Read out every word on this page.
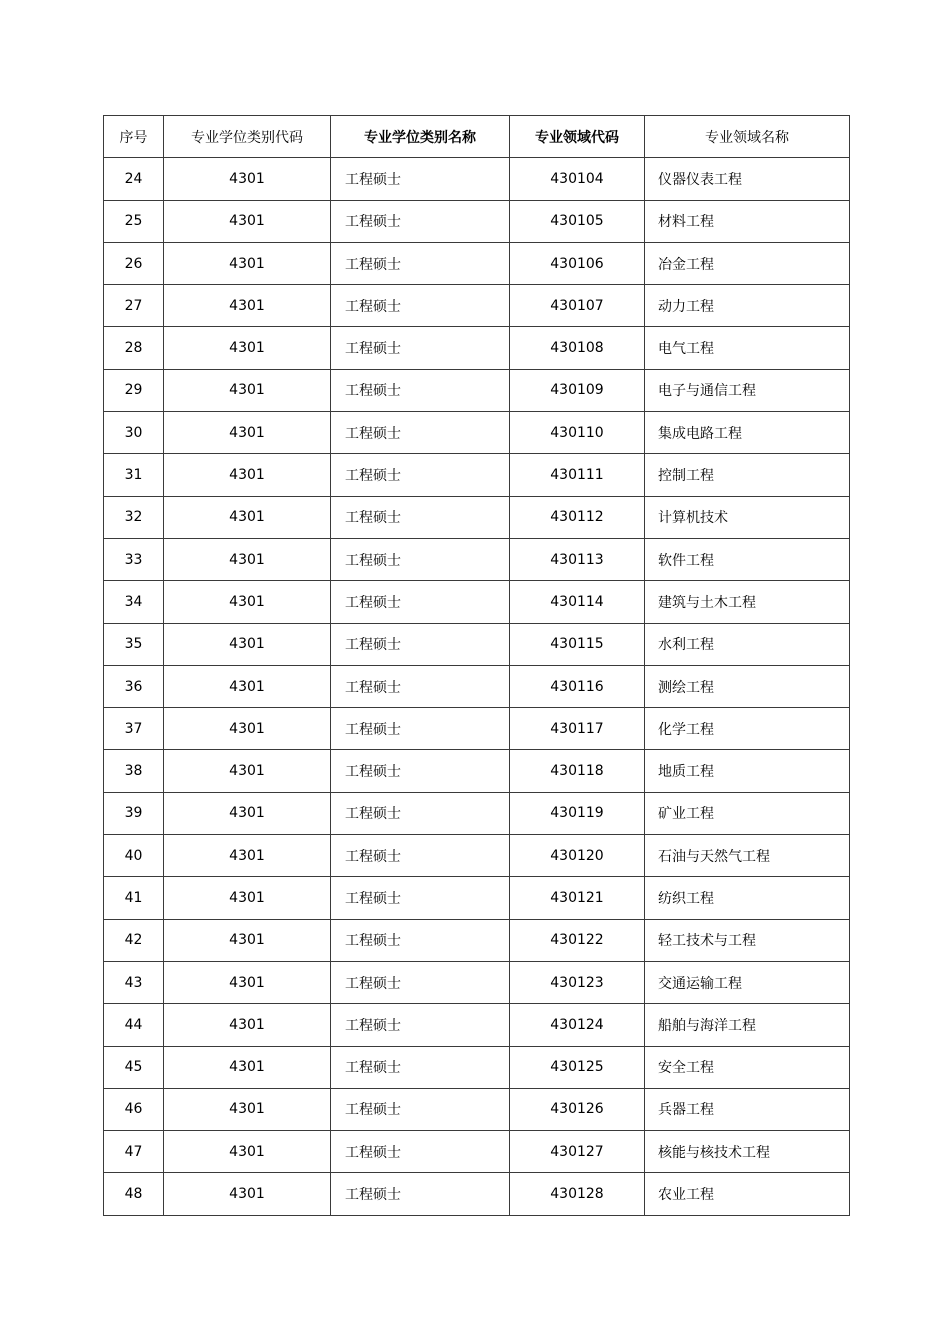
序号	专业学位类别代码	专业学位类别名称	专业领域代码	专业领域名称
24	4301	工程硕士	430104	仪器仪表工程
25	4301	工程硕士	430105	材料工程
26	4301	工程硕士	430106	冶金工程
27	4301	工程硕士	430107	动力工程
28	4301	工程硕士	430108	电气工程
29	4301	工程硕士	430109	电子与通信工程
30	4301	工程硕士	430110	集成电路工程
31	4301	工程硕士	430111	控制工程
32	4301	工程硕士	430112	计算机技术
33	4301	工程硕士	430113	软件工程
34	4301	工程硕士	430114	建筑与土木工程
35	4301	工程硕士	430115	水利工程
36	4301	工程硕士	430116	测绘工程
37	4301	工程硕士	430117	化学工程
38	4301	工程硕士	430118	地质工程
39	4301	工程硕士	430119	矿业工程
40	4301	工程硕士	430120	石油与天然气工程
41	4301	工程硕士	430121	纺织工程
42	4301	工程硕士	430122	轻工技术与工程
43	4301	工程硕士	430123	交通运输工程
44	4301	工程硕士	430124	船舶与海洋工程
45	4301	工程硕士	430125	安全工程
46	4301	工程硕士	430126	兵器工程
47	4301	工程硕士	430127	核能与核技术工程
48	4301	工程硕士	430128	农业工程
